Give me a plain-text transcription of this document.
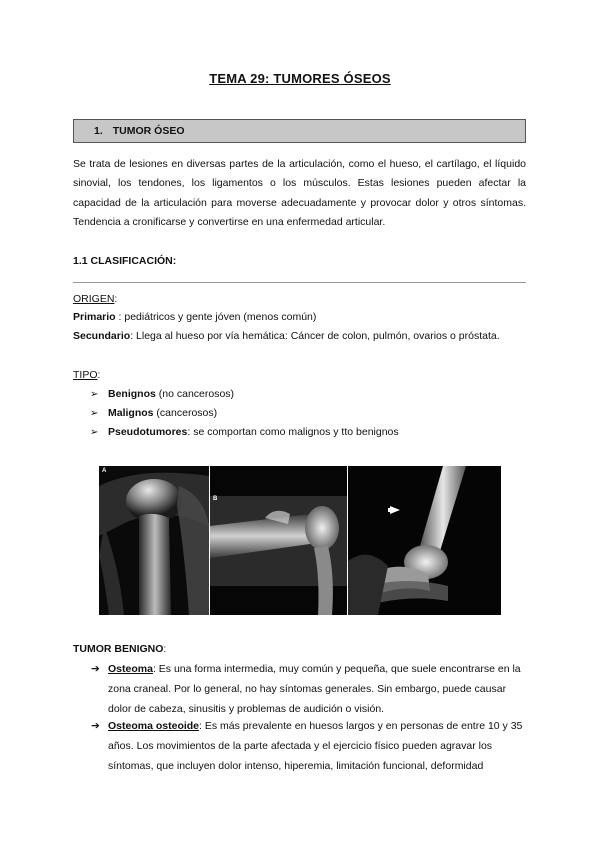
TEMA 29: TUMORES ÓSEOS
1. TUMOR ÓSEO
Se trata de lesiones en diversas partes de la articulación, como el hueso, el cartílago, el líquido sinovial, los tendones, los ligamentos o los músculos. Estas lesiones pueden afectar la capacidad de la articulación para moverse adecuadamente y provocar dolor y otros síntomas. Tendencia a cronificarse y convertirse en una enfermedad articular.
1.1 CLASIFICACIÓN:
ORIGEN:
Primario : pediátricos y gente jóven (menos común)
Secundario: Llega al hueso por vía hemática: Cáncer de colon, pulmón, ovarios o próstata.
TIPO:
➢ Benignos (no cancerosos)
➢ Malignos (cancerosos)
➢ Pseudotumores: se comportan como malignos y tto benignos
A
B
TUMOR BENIGNO:
➔ Osteoma: Es una forma intermedia, muy común y pequeña, que suele encontrarse en la zona craneal. Por lo general, no hay síntomas generales. Sin embargo, puede causar dolor de cabeza, sinusitis y problemas de audición o visión.
➔ Osteoma osteoide: Es más prevalente en huesos largos y en personas de entre 10 y 35 años. Los movimientos de la parte afectada y el ejercicio físico pueden agravar los síntomas, que incluyen dolor intenso, hiperemia, limitación funcional, deformidad
